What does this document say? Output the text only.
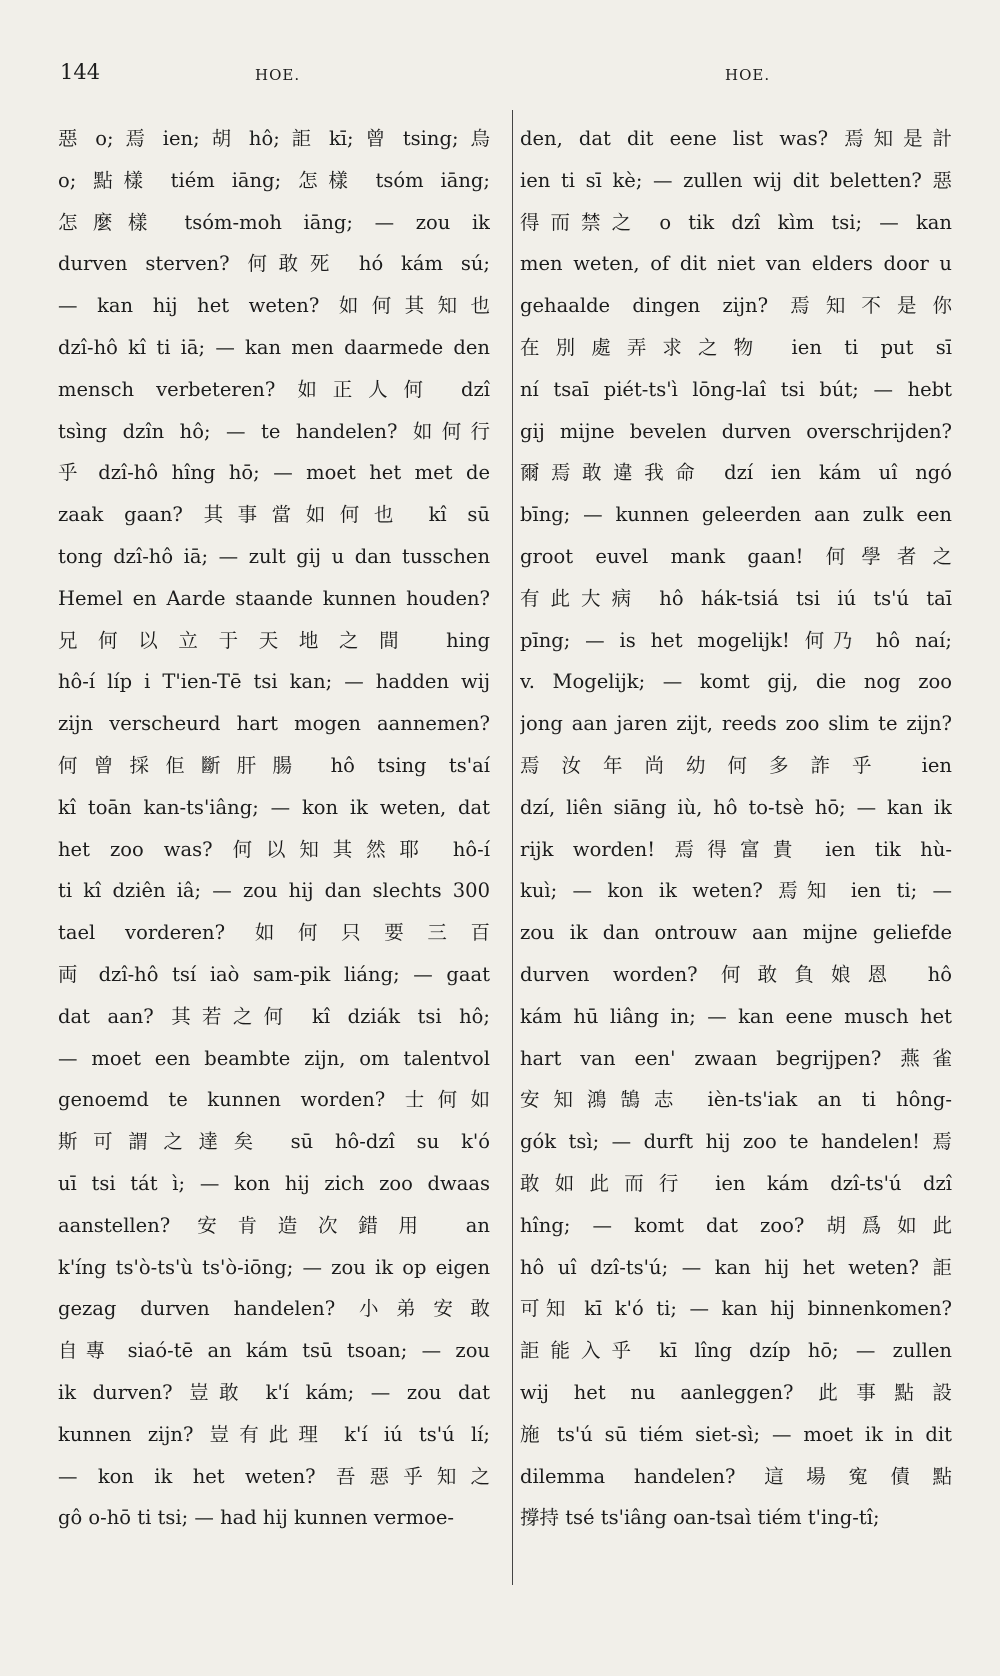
144	HOE.	HOE.
惡 o; 焉 ien; 胡 hô; 詎 kī; 曾 tsing; 烏
o; 點樣 tiém iāng; 怎樣 tsóm iāng;
怎麼樣 tsóm-moh iāng; — zou ik
durven sterven? 何敢死 hó kám sú;
— kan hij het weten? 如何其知也
dzî-hô kî ti iā; — kan men daarmede den
mensch verbeteren? 如正人何 dzî
tsìng dzîn hô; — te handelen? 如何行
乎 dzî-hô hîng hō; — moet het met de
zaak gaan? 其事當如何也 kî sū
tong dzî-hô iā; — zult gij u dan tusschen
Hemel en Aarde staande kunnen houden?
兄何以立于天地之間 hing
hô-í líp i T'ien-Tē tsi kan; — hadden wij
zijn verscheurd hart mogen aannemen?
何曾採佢斷肝腸 hô tsing ts'aí
kî toān kan-ts'iâng; — kon ik weten, dat
het zoo was? 何以知其然耶 hô-í
ti kî dziên iâ; — zou hij dan slechts 300
tael vorderen? 如何只要三百
両 dzî-hô tsí iaò sam-pik liáng; — gaat
dat aan? 其若之何 kî dziák tsi hô;
— moet een beambte zijn, om talentvol
genoemd te kunnen worden? 士何如
斯可謂之達矣 sū hô-dzî su k'ó
uī tsi tát ì; — kon hij zich zoo dwaas
aanstellen? 安肯造次錯用 an
k'íng ts'ò-ts'ù ts'ò-iōng; — zou ik op eigen
gezag durven handelen? 小弟安敢
自專 siaó-tē an kám tsū tsoan; — zou
ik durven? 豈敢 k'í kám; — zou dat
kunnen zijn? 豈有此理 k'í iú ts'ú lí;
— kon ik het weten? 吾惡乎知之
gô o-hō ti tsi; — had hij kunnen vermoe-
den, dat dit eene list was? 焉知是計
ien ti sī kè; — zullen wij dit beletten? 惡
得而禁之 o tik dzî kìm tsi; — kan
men weten, of dit niet van elders door u
gehaalde dingen zijn? 焉知不是你
在別處弄求之物 ien ti put sī
ní tsaī piét-ts'ì lōng-laî tsi bút; — hebt
gij mijne bevelen durven overschrijden?
爾焉敢違我命 dzí ien kám uî ngó
bīng; — kunnen geleerden aan zulk een
groot euvel mank gaan! 何學者之
有此大病 hô hák-tsiá tsi iú ts'ú taī
pīng; — is het mogelijk! 何乃 hô naí;
v. Mogelijk; — komt gij, die nog zoo
jong aan jaren zijt, reeds zoo slim te zijn?
焉汝年尚幼何多詐乎 ien
dzí, liên siāng iù, hô to-tsè hō; — kan ik
rijk worden! 焉得富貴 ien tik hù-
kuì; — kon ik weten? 焉知 ien ti; —
zou ik dan ontrouw aan mijne geliefde
durven worden? 何敢負娘恩 hô
kám hū liâng in; — kan eene musch het
hart van een' zwaan begrijpen? 燕雀
安知鴻鵠志 ièn-ts'iak an ti hông-
gók tsì; — durft hij zoo te handelen! 焉
敢如此而行 ien kám dzî-ts'ú dzî
hîng; — komt dat zoo? 胡爲如此
hô uî dzî-ts'ú; — kan hij het weten? 詎
可知 kī k'ó ti; — kan hij binnenkomen?
詎能入乎 kī lîng dzíp hō; — zullen
wij het nu aanleggen? 此事點設
施 ts'ú sū tiém siet-sì; — moet ik in dit
dilemma handelen? 這場寃債點
撐持 tsé ts'iâng oan-tsaì tiém t'ing-tî;
